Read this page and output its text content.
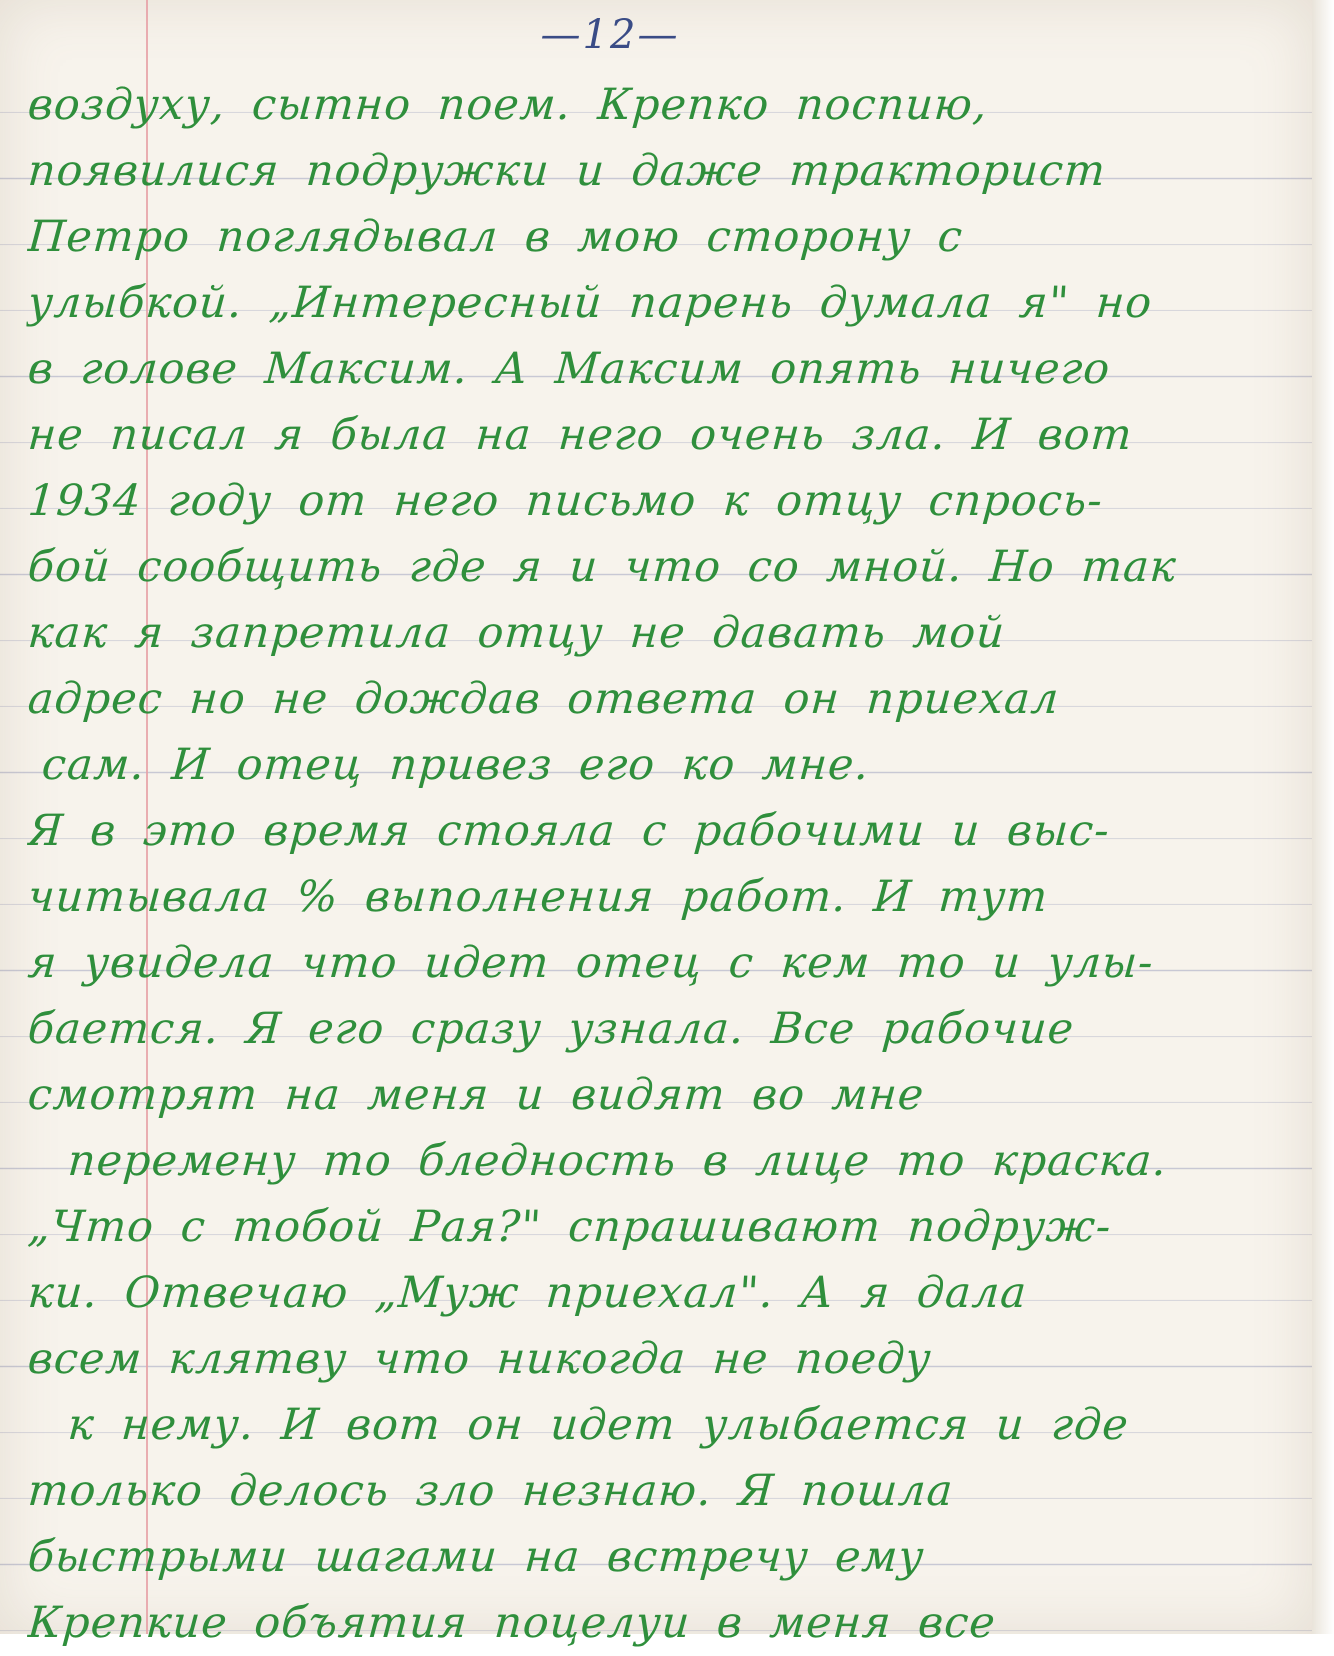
—12—
воздуху, сытно поем. Крепко поспию,
появилися подружки и даже тракторист
Петро поглядывал в мою сторону с
улыбкой. „Интересный парень думала я" но
в голове Максим. А Максим опять ничего
не писал я была на него очень зла. И вот
1934 году от него письмо к отцу спрось-
бой сообщить где я и что со мной. Но так
как я запретила отцу не давать мой
адрес но не дождав ответа он приехал
сам. И отец привез его ко мне.
Я в это время стояла с рабочими и выс-
читывала % выполнения работ. И тут
я увидела что идет отец с кем то и улы-
бается. Я его сразу узнала. Все рабочие
смотрят на меня и видят во мне
перемену то бледность в лице то краска.
„Что с тобой Рая?" спрашивают подруж-
ки. Отвечаю „Муж приехал". А я дала
всем клятву что никогда не поеду
к нему. И вот он идет улыбается и где
только делось зло незнаю. Я пошла
быстрыми шагами на встречу ему
Крепкие объятия поцелуи в меня все
